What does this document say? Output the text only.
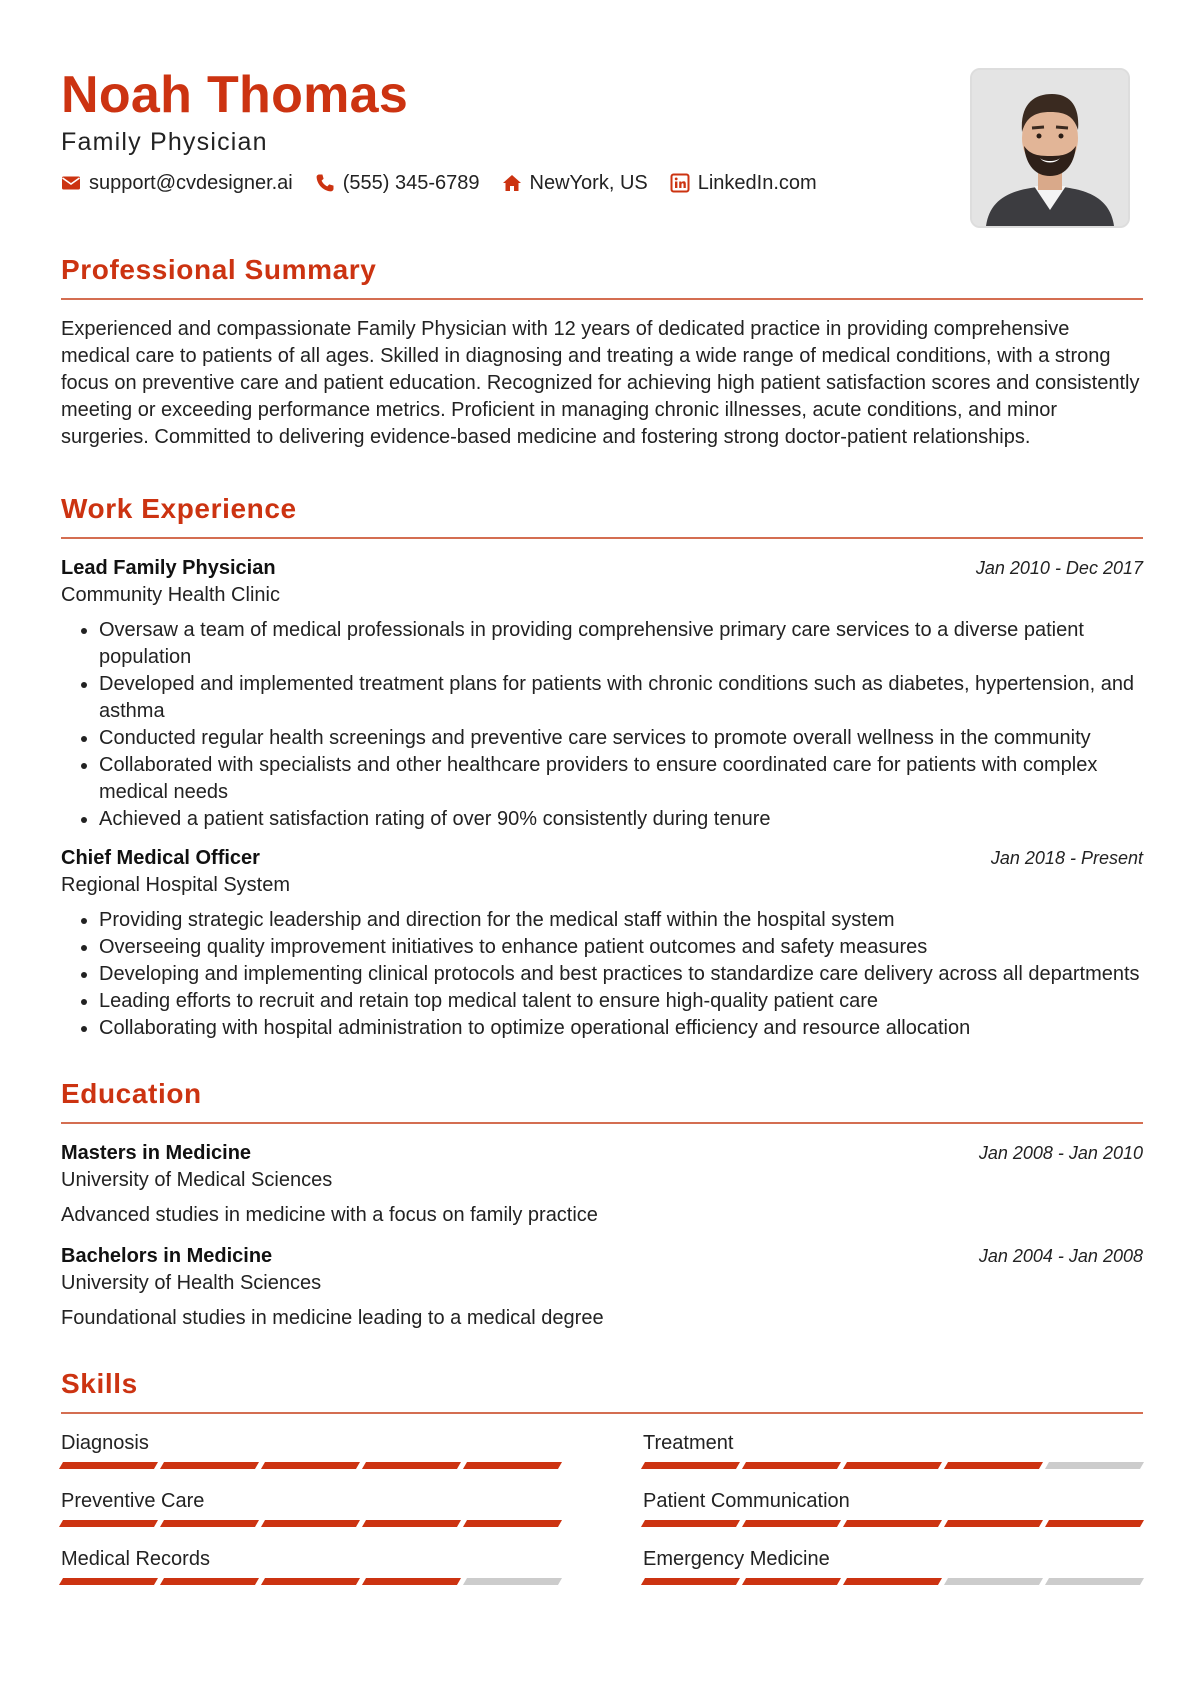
Noah Thomas
Family Physician
support@cvdesigner.ai	(555) 345-6789	NewYork, US	LinkedIn.com
Professional Summary
Experienced and compassionate Family Physician with 12 years of dedicated practice in providing comprehensive medical care to patients of all ages. Skilled in diagnosing and treating a wide range of medical conditions, with a strong focus on preventive care and patient education. Recognized for achieving high patient satisfaction scores and consistently meeting or exceeding performance metrics. Proficient in managing chronic illnesses, acute conditions, and minor surgeries. Committed to delivering evidence-based medicine and fostering strong doctor-patient relationships.
Work Experience
Lead Family Physician	Jan 2010 - Dec 2017
Community Health Clinic
• Oversaw a team of medical professionals in providing comprehensive primary care services to a diverse patient population
• Developed and implemented treatment plans for patients with chronic conditions such as diabetes, hypertension, and asthma
• Conducted regular health screenings and preventive care services to promote overall wellness in the community
• Collaborated with specialists and other healthcare providers to ensure coordinated care for patients with complex medical needs
• Achieved a patient satisfaction rating of over 90% consistently during tenure
Chief Medical Officer	Jan 2018 - Present
Regional Hospital System
• Providing strategic leadership and direction for the medical staff within the hospital system
• Overseeing quality improvement initiatives to enhance patient outcomes and safety measures
• Developing and implementing clinical protocols and best practices to standardize care delivery across all departments
• Leading efforts to recruit and retain top medical talent to ensure high-quality patient care
• Collaborating with hospital administration to optimize operational efficiency and resource allocation
Education
Masters in Medicine	Jan 2008 - Jan 2010
University of Medical Sciences
Advanced studies in medicine with a focus on family practice
Bachelors in Medicine	Jan 2004 - Jan 2008
University of Health Sciences
Foundational studies in medicine leading to a medical degree
Skills
Diagnosis	Treatment
Preventive Care	Patient Communication
Medical Records	Emergency Medicine
